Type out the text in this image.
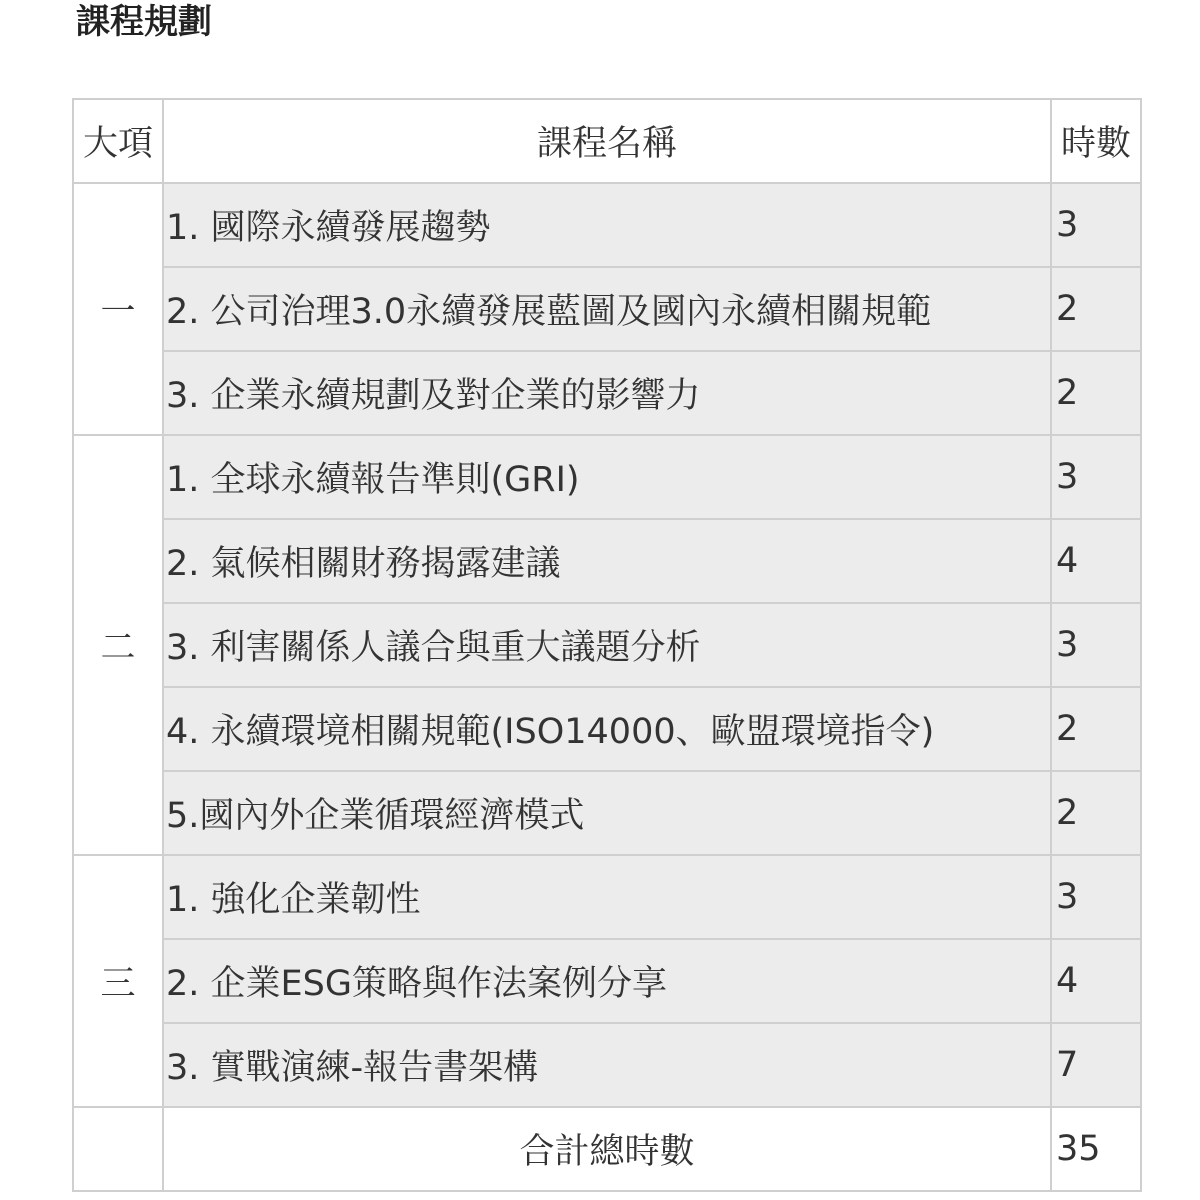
課程規劃
大項	課程名稱	時數
一	1. 國際永續發展趨勢	3
	2. 公司治理3.0永續發展藍圖及國內永續相關規範	2
	3. 企業永續規劃及對企業的影響力	2
二	1. 全球永續報告準則(GRI)	3
	2. 氣候相關財務揭露建議	4
	3. 利害關係人議合與重大議題分析	3
	4. 永續環境相關規範(ISO14000、歐盟環境指令)	2
	5.國內外企業循環經濟模式	2
三	1. 強化企業韌性	3
	2. 企業ESG策略與作法案例分享	4
	3. 實戰演練-報告書架構	7
	合計總時數	35
